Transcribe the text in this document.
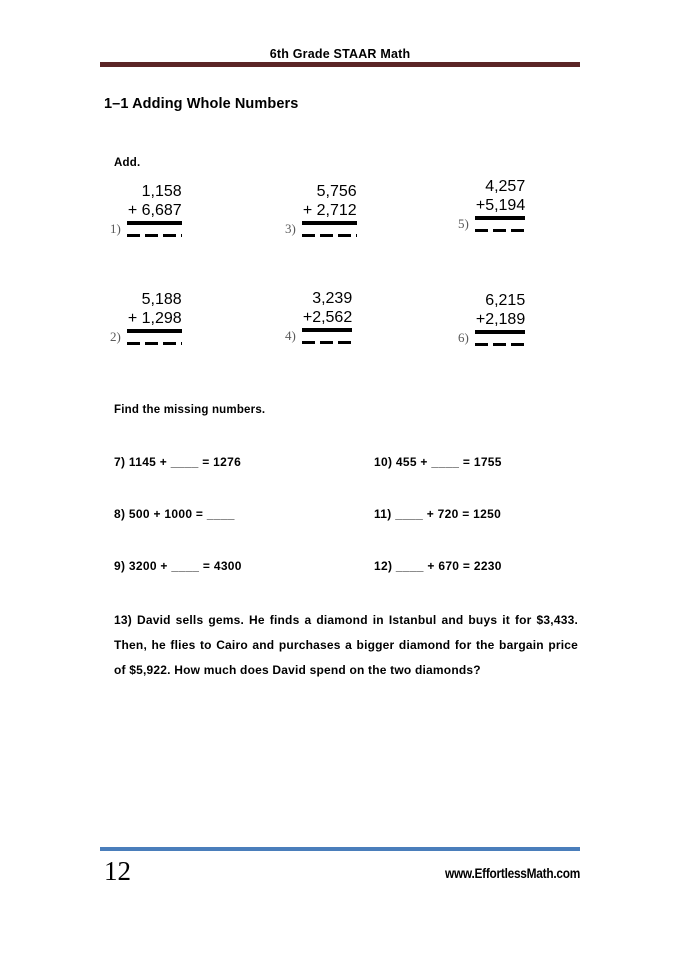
6th Grade STAAR Math
1–1 Adding Whole Numbers
Add.
1)
1,158
+ 6,687
3)
5,756
+ 2,712
5)
4,257
+5,194
2)
5,188
+ 1,298
4)
3,239
+2,562
6)
6,215
+2,189
Find the missing numbers.
7) 1145 + ____ = 1276
8) 500 + 1000 = ____
9) 3200 + ____ = 4300
10) 455 + ____ = 1755
11) ____ + 720 = 1250
12) ____ + 670 = 2230
13) David sells gems. He finds a diamond in Istanbul and buys it for $3,433. Then, he flies to Cairo and purchases a bigger diamond for the bargain price of $5,922. How much does David spend on the two diamonds?
12	www.EffortlessMath.com
